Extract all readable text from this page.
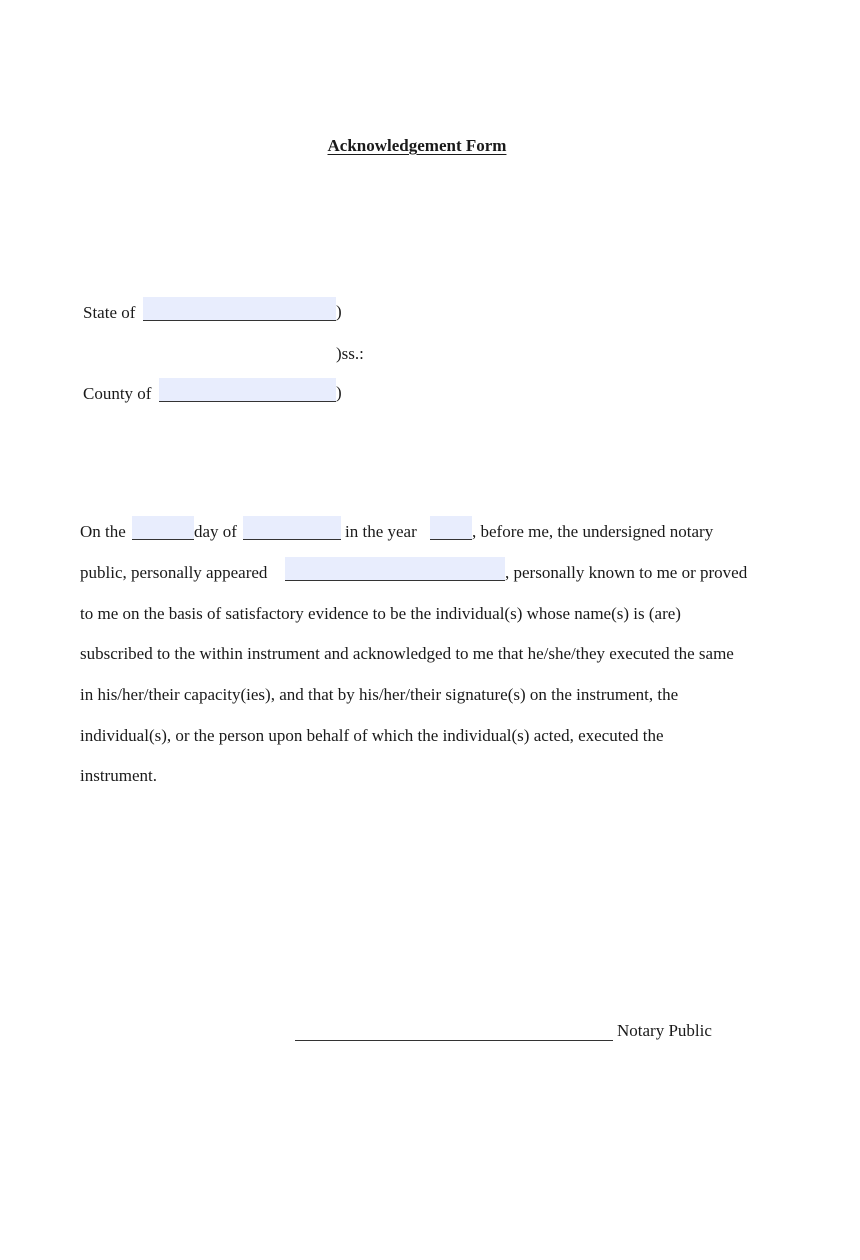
Acknowledgement Form
State of	)
)ss.:
County of	)
On the	day of	in the year	, before me, the undersigned notary
public, personally appeared	, personally known to me or proved
to me on the basis of satisfactory evidence to be the individual(s) whose name(s) is (are)
subscribed to the within instrument and acknowledged to me that he/she/they executed the same
in his/her/their capacity(ies), and that by his/her/their signature(s) on the instrument, the
individual(s), or the person upon behalf of which the individual(s) acted, executed the
instrument.
Notary Public
